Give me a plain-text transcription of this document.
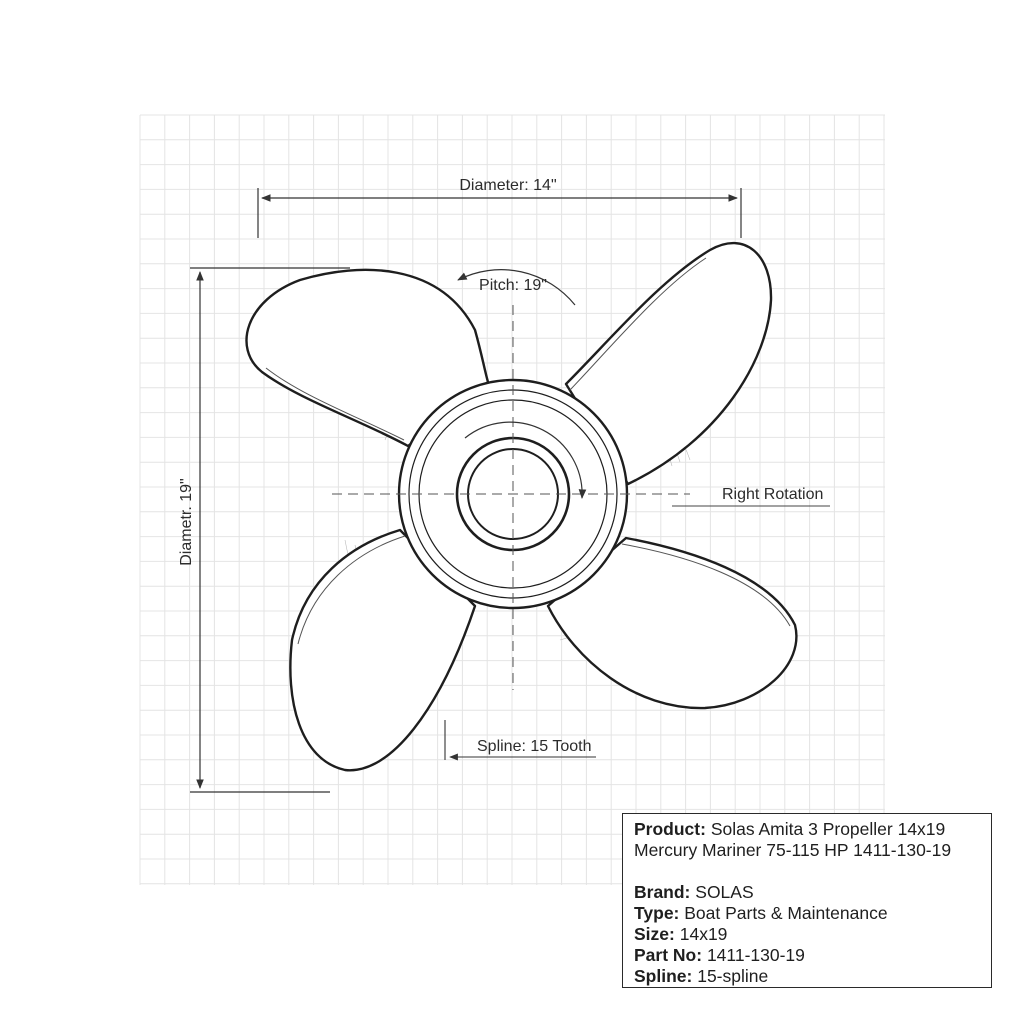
Diameter: 14"
Pitch: 19"
Right Rotation
Spline: 15 Tooth
Diametr. 19"
Product: Solas Amita 3 Propeller 14x19
Mercury Mariner 75-115 HP 1411-130-19
Brand: SOLAS
Type: Boat Parts & Maintenance
Size: 14x19
Part No: 1411-130-19
Spline: 15-spline
